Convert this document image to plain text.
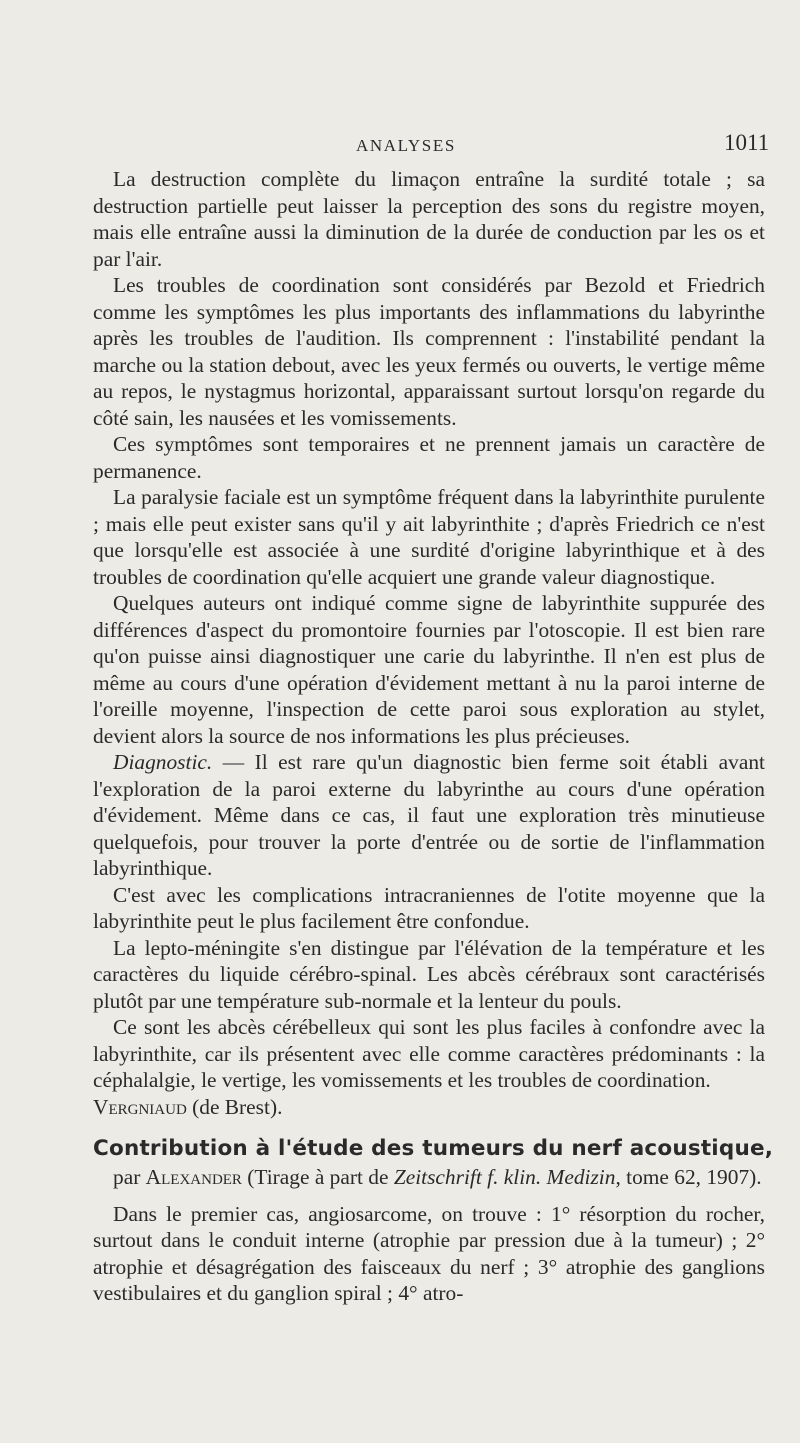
ANALYSES	1011

La destruction complète du limaçon entraîne la surdité totale ; sa destruction partielle peut laisser la perception des sons du registre moyen, mais elle entraîne aussi la diminution de la durée de conduction par les os et par l'air.

Les troubles de coordination sont considérés par Bezold et Friedrich comme les symptômes les plus importants des inflammations du labyrinthe après les troubles de l'audition. Ils comprennent : l'instabilité pendant la marche ou la station debout, avec les yeux fermés ou ouverts, le vertige même au repos, le nystagmus horizontal, apparaissant surtout lorsqu'on regarde du côté sain, les nausées et les vomissements.

Ces symptômes sont temporaires et ne prennent jamais un caractère de permanence.

La paralysie faciale est un symptôme fréquent dans la labyrinthite purulente ; mais elle peut exister sans qu'il y ait labyrinthite ; d'après Friedrich ce n'est que lorsqu'elle est associée à une surdité d'origine labyrinthique et à des troubles de coordination qu'elle acquiert une grande valeur diagnostique.

Quelques auteurs ont indiqué comme signe de labyrinthite suppurée des différences d'aspect du promontoire fournies par l'otoscopie. Il est bien rare qu'on puisse ainsi diagnostiquer une carie du labyrinthe. Il n'en est plus de même au cours d'une opération d'évidement mettant à nu la paroi interne de l'oreille moyenne, l'inspection de cette paroi sous exploration au stylet, devient alors la source de nos informations les plus précieuses.

Diagnostic. — Il est rare qu'un diagnostic bien ferme soit établi avant l'exploration de la paroi externe du labyrinthe au cours d'une opération d'évidement. Même dans ce cas, il faut une exploration très minutieuse quelquefois, pour trouver la porte d'entrée ou de sortie de l'inflammation labyrinthique.

C'est avec les complications intracraniennes de l'otite moyenne que la labyrinthite peut le plus facilement être confondue.

La lepto-méningite s'en distingue par l'élévation de la température et les caractères du liquide cérébro-spinal. Les abcès cérébraux sont caractérisés plutôt par une température sub-normale et la lenteur du pouls.

Ce sont les abcès cérébelleux qui sont les plus faciles à confondre avec la labyrinthite, car ils présentent avec elle comme caractères prédominants : la céphalalgie, le vertige, les vomissements et les troubles de coordination.

Vergniaud (de Brest).

Contribution à l'étude des tumeurs du nerf acoustique,
par Alexander (Tirage à part de Zeitschrift f. klin. Medizin, tome 62, 1907).

Dans le premier cas, angiosarcome, on trouve : 1° résorption du rocher, surtout dans le conduit interne (atrophie par pression due à la tumeur) ; 2° atrophie et désagrégation des faisceaux du nerf ; 3° atrophie des ganglions vestibulaires et du ganglion spiral ; 4° atro-
